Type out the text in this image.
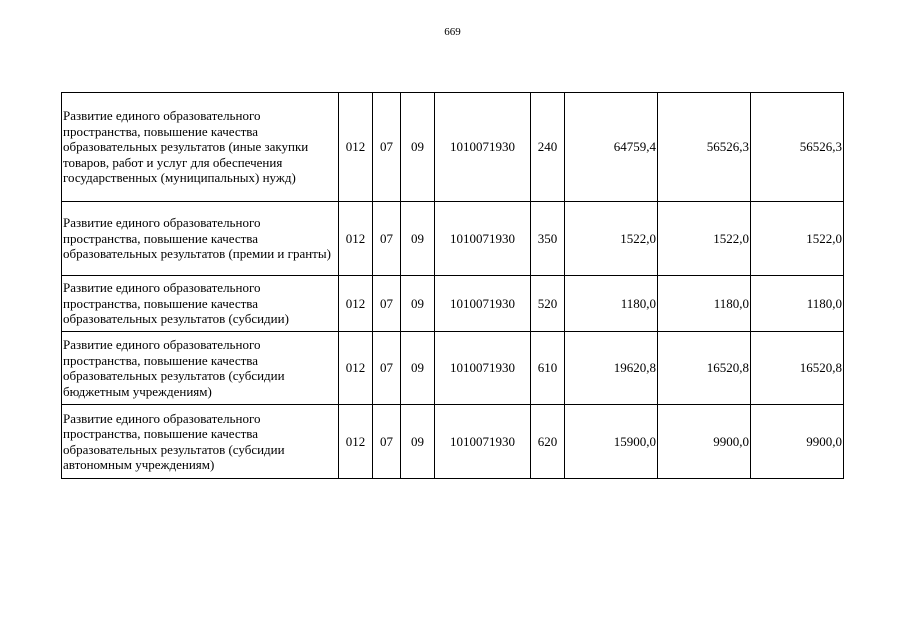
669
Развитие единого образовательного пространства, повышение качества образовательных результатов (иные закупки товаров, работ и услуг для обеспечения государственных (муниципальных) нужд)	012	07	09	1010071930	240	64759,4	56526,3	56526,3
Развитие единого образовательного пространства, повышение качества образовательных результатов (премии и гранты)	012	07	09	1010071930	350	1522,0	1522,0	1522,0
Развитие единого образовательного пространства, повышение качества образовательных результатов (субсидии)	012	07	09	1010071930	520	1180,0	1180,0	1180,0
Развитие единого образовательного пространства, повышение качества образовательных результатов (субсидии бюджетным учреждениям)	012	07	09	1010071930	610	19620,8	16520,8	16520,8
Развитие единого образовательного пространства, повышение качества образовательных результатов (субсидии автономным учреждениям)	012	07	09	1010071930	620	15900,0	9900,0	9900,0
